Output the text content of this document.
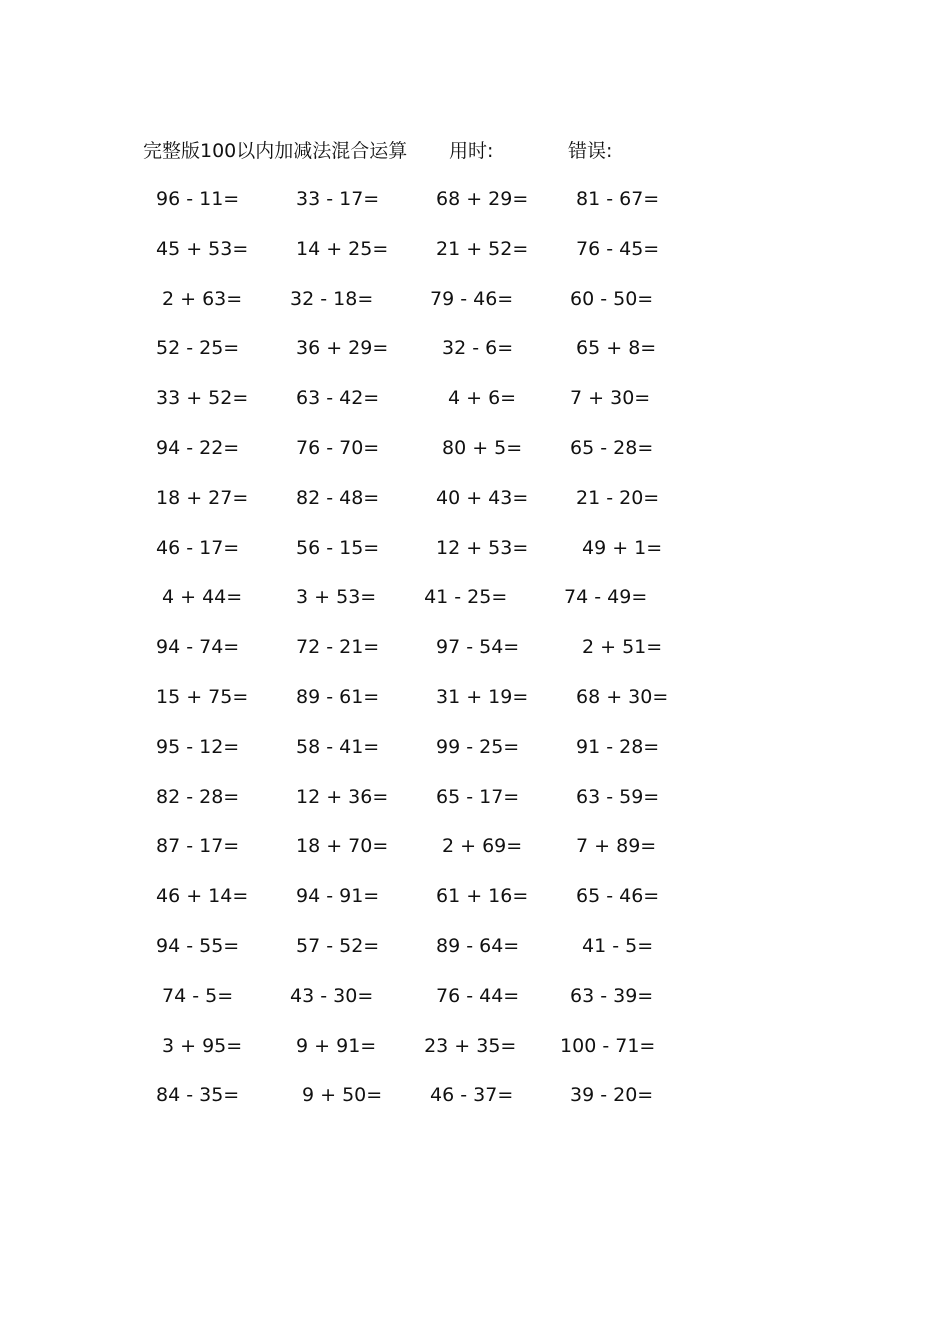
完整版100以内加减法混合运算 用时:	错误:
96 - 11=	33 - 17=	68 + 29=	81 - 67=
45 + 53=	14 + 25=	21 + 52=	76 - 45=
2 + 63=	32 - 18=	79 - 46=	60 - 50=
52 - 25=	36 + 29=	32 - 6=	65 + 8=
33 + 52=	63 - 42=	4 + 6=	7 + 30=
94 - 22=	76 - 70=	80 + 5=	65 - 28=
18 + 27=	82 - 48=	40 + 43=	21 - 20=
46 - 17=	56 - 15=	12 + 53=	49 + 1=
4 + 44=	3 + 53=	41 - 25=	74 - 49=
94 - 74=	72 - 21=	97 - 54=	2 + 51=
15 + 75=	89 - 61=	31 + 19=	68 + 30=
95 - 12=	58 - 41=	99 - 25=	91 - 28=
82 - 28=	12 + 36=	65 - 17=	63 - 59=
87 - 17=	18 + 70=	2 + 69=	7 + 89=
46 + 14=	94 - 91=	61 + 16=	65 - 46=
94 - 55=	57 - 52=	89 - 64=	41 - 5=
74 - 5=	43 - 30=	76 - 44=	63 - 39=
3 + 95=	9 + 91=	23 + 35=	100 - 71=
84 - 35=	9 + 50=	46 - 37=	39 - 20=
